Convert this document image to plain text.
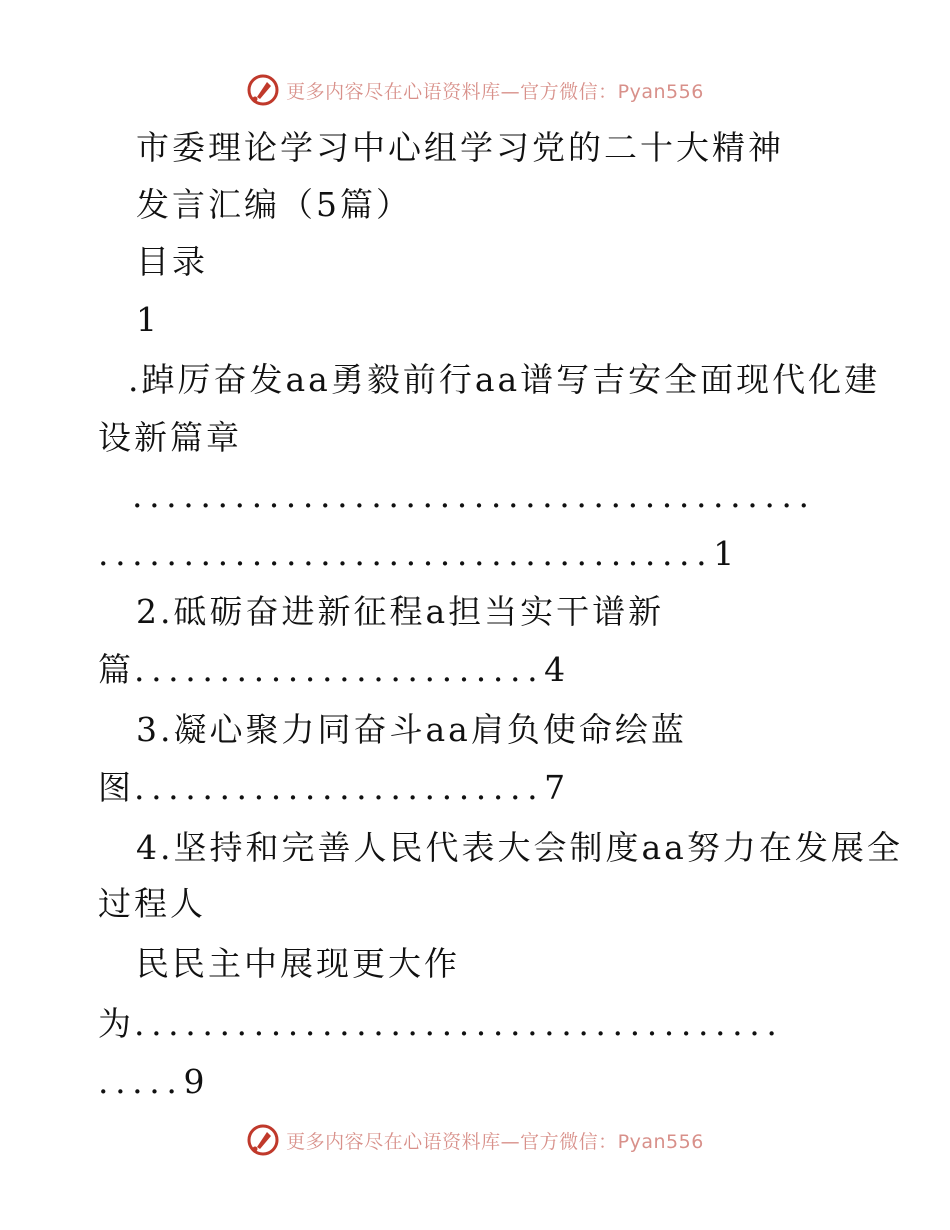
更多内容尽在心语资料库—官方微信：Pyan556
市委理论学习中心组学习党的二十大精神
发言汇编（5篇）
目录
1
.踔厉奋发aa勇毅前行aa谱写吉安全面现代化建
设新篇章
........................................
....................................1
2.砥砺奋进新征程a担当实干谱新
篇........................4
3.凝心聚力同奋斗aa肩负使命绘蓝
图........................7
4.坚持和完善人民代表大会制度aa努力在发展全
过程人
民民主中展现更大作
为......................................
.....9
更多内容尽在心语资料库—官方微信：Pyan556
